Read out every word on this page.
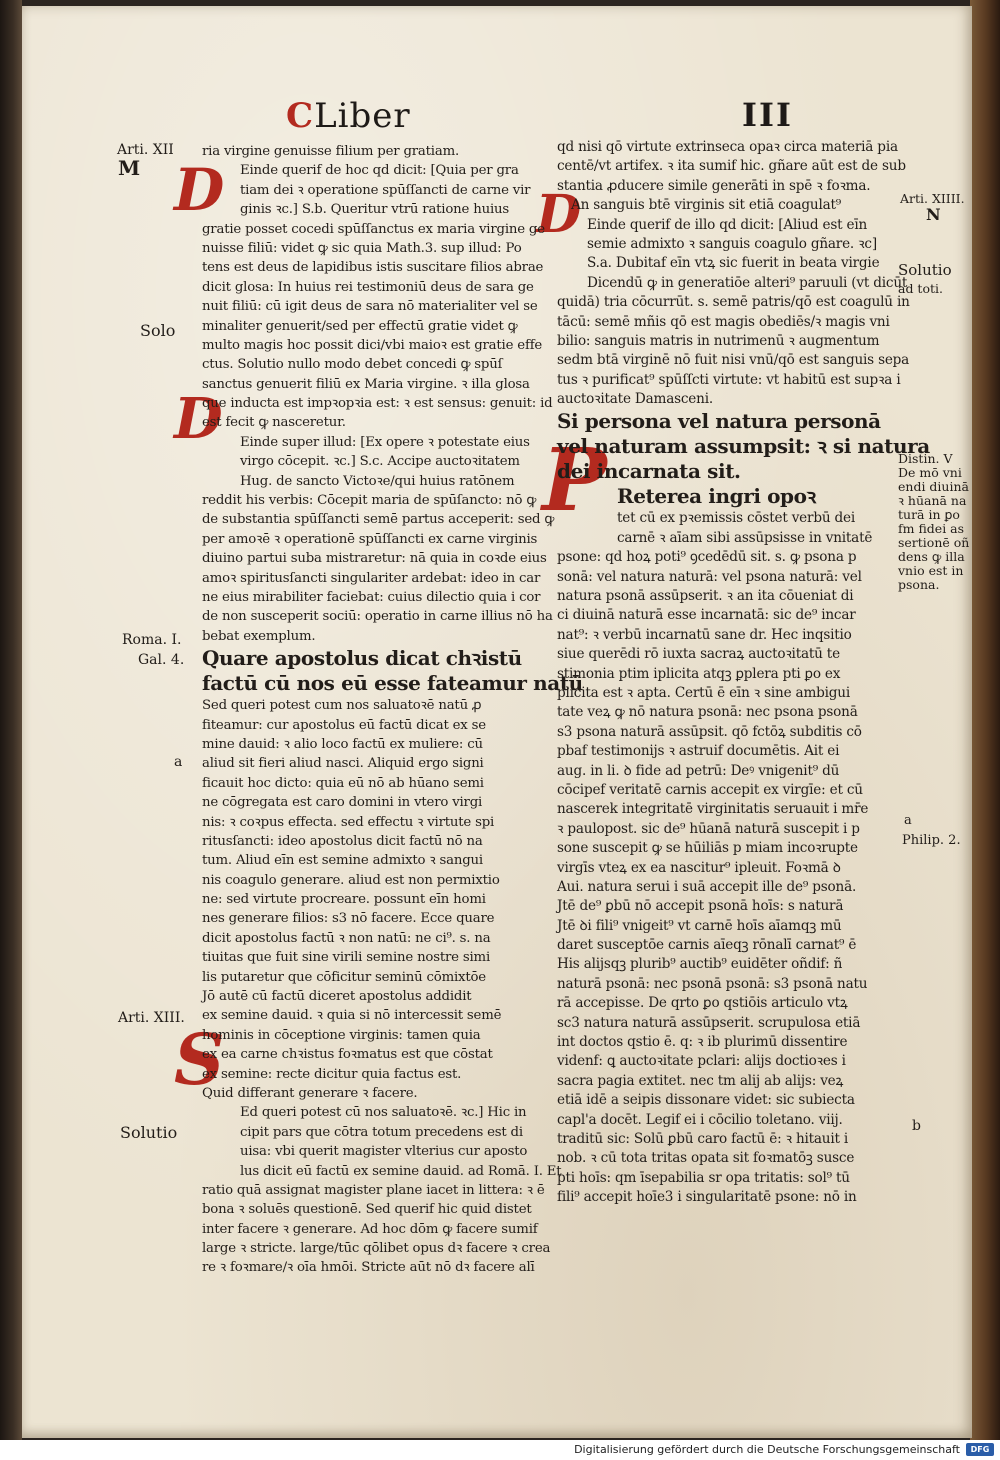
CLiber	III
Arti. XII
M
Solo
Roma. I.
Gal. 4.
a
Arti. XIII.
Solutio
Arti. XIIII.
N
Solutio
ad toti.
Distin. V
De mō vni
endi diuinā
ꝛ hūanā na
turā in ꝑo
fm fidei as
sertionē oñ
dens ꝙ illa
vnio est in
psona.
a
Philip. 2.
b
D
D
S
D
P
ria virgine genuisse filium per gratiam.
Einde querif de hoc qd dicit: [Quia per gra
tiam dei ꝛ operatione spūſſancti de carne vir
ginis ꝛc.] S.b. Queritur vtrū ratione huius
gratie posset cocedi spūſſanctus ex maria virgine ge
nuisse filiū: videt ꝙ sic quia Math.3. sup illud: Po
tens est deus de lapidibus istis suscitare filios abrae
dicit glosa: In huius rei testimoniū deus de sara ge
nuit filiū: cū igit deus de sara nō materialiter vel se
minaliter genuerit/sed per effectū gratie videt ꝙ
multo magis hoc possit dici/vbi maioꝛ est gratie effe
ctus. Solutio nullo modo debet concedi ꝙ spūſ
sanctus genuerit filiū ex Maria virgine. ꝛ illa glosa
que inducta est impꝛopꝛia est: ꝛ est sensus: genuit: id
est fecit ꝙ nasceretur.
Einde super illud: [Ex opere ꝛ potestate eius
virgo cōcepit. ꝛc.] S.c. Accipe auctoꝛitatem
Hug. de sancto Victoꝛe/qui huius ratōnem
reddit his verbis: Cōcepit maria de spūſancto: nō ꝙ
de substantia spūſſancti semē partus acceperit: sed ꝙ
per amoꝛē ꝛ operationē spūſſancti ex carne virginis
diuino partui suba mistraretur: nā quia in coꝛde eius
amoꝛ spiritusſancti singulariter ardebat: ideo in car
ne eius mirabiliter faciebat: cuius dilectio quia i cor
de non susceperit sociū: operatio in carne illius nō ha
bebat exemplum.
Quare apostolus dicat chꝛistū
factū cū nos eū esse fateamur natū
Sed queri potest cum nos saluatoꝛē natū ꝓ
fiteamur: cur apostolus eū factū dicat ex se
mine dauid: ꝛ alio loco factū ex muliere: cū
aliud sit fieri aliud nasci. Aliquid ergo signi
ficauit hoc dicto: quia eū nō ab hūano semi
ne cōgregata est caro domini in vtero virgi
nis: ꝛ coꝛpus effecta. sed effectu ꝛ virtute spi
ritusſancti: ideo apostolus dicit factū nō na
tum. Aliud eīn est semine admixto ꝛ sangui
nis coagulo generare. aliud est non permixtio
ne: sed virtute procreare. possunt eīn homi
nes generare filios: s3 nō facere. Ecce quare
dicit apostolus factū ꝛ non natū: ne ci⁹. s. na
tiuitas que fuit sine virili semine nostre simi
lis putaretur que cōficitur seminū cōmixtōe
Jō autē cū factū diceret apostolus addidit
ex semine dauid. ꝛ quia si nō intercessit semē
hominis in cōceptione virginis: tamen quia
ex ea carne chꝛistus foꝛmatus est que cōstat
ex semine: recte dicitur quia factus est.
Quid differant generare ꝛ facere.
Ed queri potest cū nos saluatoꝛē. ꝛc.] Hic in
cipit pars que cōtra totum precedens est di
uisa: vbi querit magister vlterius cur aposto
lus dicit eū factū ex semine dauid. ad Romā. I. Et
ratio quā assignat magister plane iacet in littera: ꝛ ē
bona ꝛ soluēs questionē. Sed querif hic quid distet
inter facere ꝛ generare. Ad hoc dōm ꝙ facere sumif
large ꝛ stricte. large/tūc qōlibet opus dꝛ facere ꝛ crea
re ꝛ foꝛmare/ꝛ oīa hmōi. Stricte aūt nō dꝛ facere alī
qd nisi qō virtute extrinseca opaꝛ circa materiā pia
centē/vt artifex. ꝛ ita sumif hic. gñare aūt est de sub
stantia ꝓducere simile generāti in spē ꝛ foꝛma.
An sanguis btē virginis sit etiā coagulat⁹
Einde querif de illo qd dicit: [Aliud est eīn
semie admixto ꝛ sanguis coagulo gñare. ꝛc]
S.a. Dubitaf eīn vtꝝ sic fuerit in beata virgie
Dicendū ꝙ in generatiōe alteri⁹ paruuli (vt dicūt
quidā) tria cōcurrūt. s. semē patris/qō est coagulū in
tācū: semē mñis qō est magis obediēs/ꝛ magis vni
bilio: sanguis matris in nutrimenū ꝛ augmentum
sedm btā virginē nō fuit nisi vnū/qō est sanguis sepa
tus ꝛ purificat⁹ spūſſcti virtute: vt habitū est supꝛa i
auctoꝛitate Damasceni.
Si persona vel natura personā
vel naturam assumpsit: ꝛ si natura
dei incarnata sit.
Reterea ingri opoꝛ
tet cū ex pꝛemissis cōstet verbū dei
carnē ꝛ aīam sibi assūpsisse in vnitatē
psone: qd hoꝝ poti⁹ ꝯcedēdū sit. s. ꝙ psona p
sonā: vel natura naturā: vel psona naturā: vel
natura psonā assūpserit. ꝛ an ita cōueniat di
ci diuinā naturā esse incarnatā: sic de⁹ incar
nat⁹: ꝛ verbū incarnatū sane dr. Hec inqsitio
siue querēdi rō iuxta sacraꝝ auctoꝛitatū te
stimonia ptim iplicita atqꝫ ꝑplera pti ꝑo ex
plicita est ꝛ apta. Certū ē eīn ꝛ sine ambigui
tate veꝝ ꝙ nō natura psonā: nec psona psonā
s3 psona naturā assūpsit. qō fctōꝝ subditis cō
pbaf testimonijs ꝛ astruif documētis. Ait ei
aug. in li. ꝺ fide ad petrū: Deꝰ vnigenit⁹ dū
cōcipef veritatē carnis accepit ex virgīe: et cū
nascerek integritatē virginitatis seruauit i mr̄e
ꝛ paulopost. sic de⁹ hūanā naturā suscepit i p
sone suscepit ꝙ se hūiliās p miam incoꝛrupte
virgīs vteꝝ ex ea nascitur⁹ ipleuit. Foꝛmā ꝺ
Aui. natura serui i suā accepit ille de⁹ psonā.
Jtē de⁹ ꝑbū nō accepit psonā hoīs: s naturā
Jtē ꝺi fili⁹ vnigeit⁹ vt carnē hoīs aīamqꝫ mū
daret susceptōe carnis aīeqꝫ rōnalī carnat⁹ ē
His alijsqꝫ plurib⁹ auctib⁹ euidēter oñdif: ñ
naturā psonā: nec psonā psonā: s3 psonā natu
rā accepisse. De qrto ꝑo qstiōis articulo vtꝝ
sc3 natura naturā assūpserit. scrupulosa etiā
int doctos qstio ē. q: ꝛ ib plurimū dissentire
videnf: ꝗ auctoꝛitate pclari: alijs doctioꝛes i
sacra pagia extitet. nec tm alij ab alijs: veꝝ
etiā idē a seipis dissonare videt: sic subiecta
capl'a docēt. Legif ei i cōcilio toletano. viij.
traditū sic: Solū ꝑbū caro factū ē: ꝛ hitauit i
nob. ꝛ cū tota tritas opata sit foꝛmatōꝫ susce
pti hoīs: qm īsepabilia sr opa tritatis: sol⁹ tū
fili⁹ accepit hoīe3 i singularitatē psone: nō in
Digitalisierung gefördert durch die Deutsche Forschungsgemeinschaft	DFG
